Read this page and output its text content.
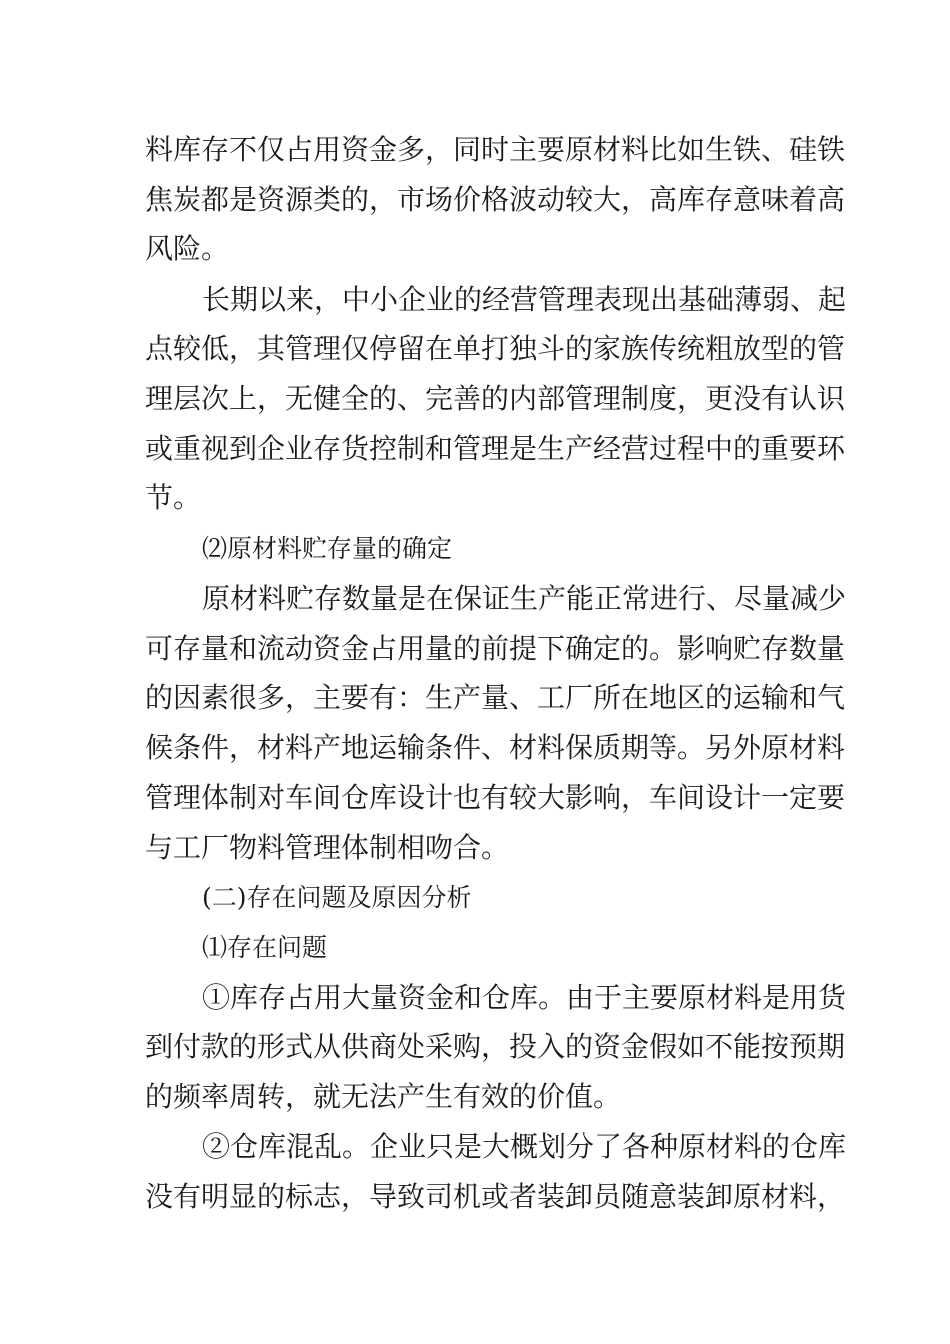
料库存不仅占用资金多，同时主要原材料比如生铁、硅铁
焦炭都是资源类的，市场价格波动较大，高库存意味着高
风险。
长期以来，中小企业的经营管理表现出基础薄弱、起
点较低，其管理仅停留在单打独斗的家族传统粗放型的管
理层次上，无健全的、完善的内部管理制度，更没有认识
或重视到企业存货控制和管理是生产经营过程中的重要环
节。
⑵原材料贮存量的确定
原材料贮存数量是在保证生产能正常进行、尽量减少
可存量和流动资金占用量的前提下确定的。影响贮存数量
的因素很多，主要有：生产量、工厂所在地区的运输和气
候条件，材料产地运输条件、材料保质期等。另外原材料
管理体制对车间仓库设计也有较大影响，车间设计一定要
与工厂物料管理体制相吻合。
(二)存在问题及原因分析
⑴存在问题
①库存占用大量资金和仓库。由于主要原材料是用货
到付款的形式从供商处采购，投入的资金假如不能按预期
的频率周转，就无法产生有效的价值。
②仓库混乱。企业只是大概划分了各种原材料的仓库
没有明显的标志，导致司机或者装卸员随意装卸原材料，
